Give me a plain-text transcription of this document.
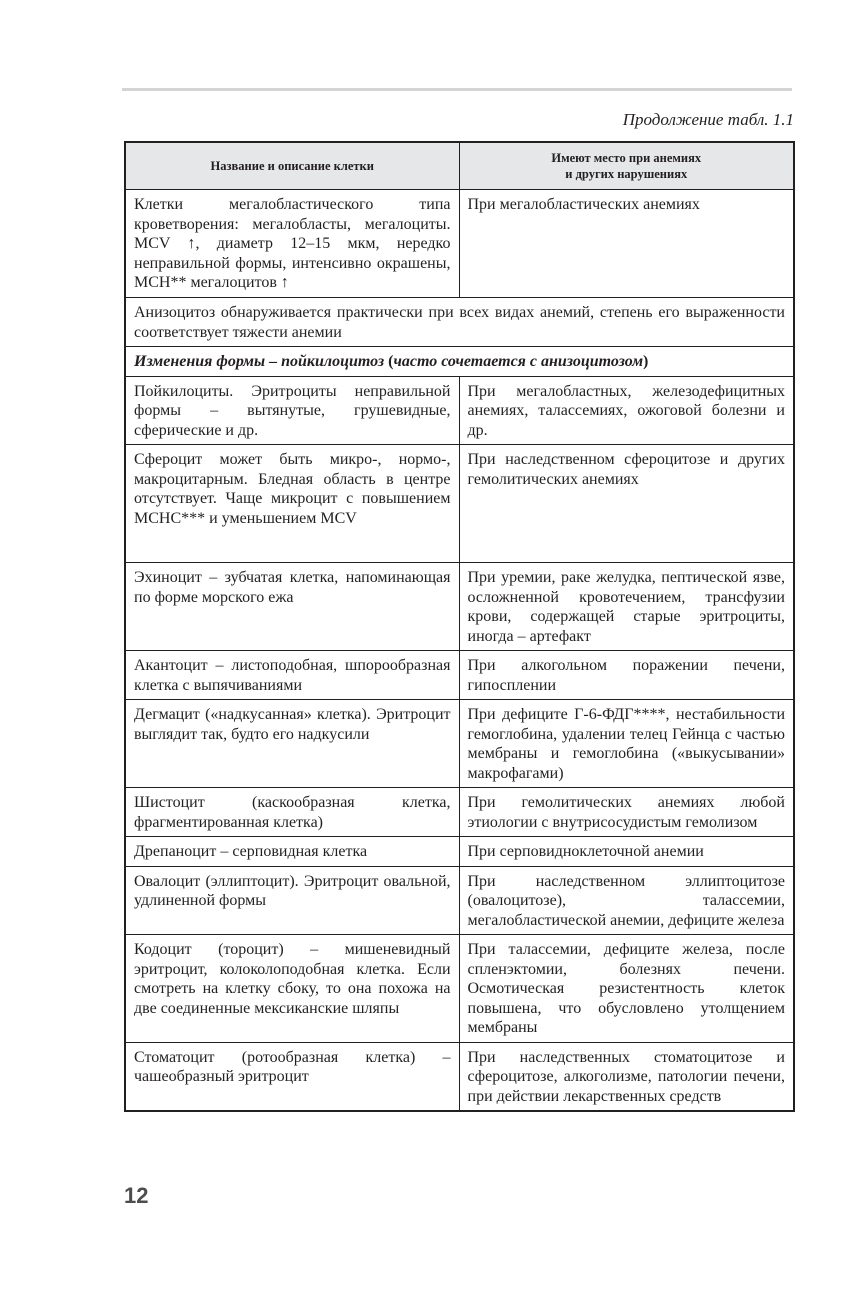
Продолжение табл. 1.1
Название и описание клетки	Имеют место при анемиях
и других нарушениях
Клетки мегалобластического типа кроветворения: мегалобласты, мегалоциты. MCV ↑, диаметр 12–15 мкм, нередко неправильной формы, интенсивно окрашены, MCH** мегалоцитов ↑	При мегалобластических анемиях
Анизоцитоз обнаруживается практически при всех видах анемий, степень его выраженности соответствует тяжести анемии	
Изменения формы – пойкилоцитоз (часто сочетается с анизоцитозом)	
Пойкилоциты. Эритроциты неправильной формы – вытянутые, грушевидные, сферические и др.	При мегалобластных, железодефицитных анемиях, талассемиях, ожоговой болезни и др.
Сфероцит может быть микро-, нормо-, макроцитарным. Бледная область в центре отсутствует. Чаще микроцит с повышением MCHC*** и уменьшением MCV	При наследственном сфероцитозе и других гемолитических анемиях
Эхиноцит – зубчатая клетка, напоминающая по форме морского ежа	При уремии, раке желудка, пептической язве, осложненной кровотечением, трансфузии крови, содержащей старые эритроциты, иногда – артефакт
Акантоцит – листоподобная, шпорообразная клетка с выпячиваниями	При алкогольном поражении печени, гипосплении
Дегмацит («надкусанная» клетка). Эритроцит выглядит так, будто его надкусили	При дефиците Г-6-ФДГ****, нестабильности гемоглобина, удалении телец Гейнца с частью мембраны и гемоглобина («выкусывании» макрофагами)
Шистоцит (каскообразная клетка, фрагментированная клетка)	При гемолитических анемиях любой этиологии с внутрисосудистым гемолизом
Дрепаноцит – серповидная клетка	При серповидноклеточной анемии
Овалоцит (эллиптоцит). Эритроцит овальной, удлиненной формы	При наследственном эллиптоцитозе (овалоцитозе), талассемии, мегалобластической анемии, дефиците железа
Кодоцит (тороцит) – мишеневидный эритроцит, колоколоподобная клетка. Если смотреть на клетку сбоку, то она похожа на две соединенные мексиканские шляпы	При талассемии, дефиците железа, после спленэктомии, болезнях печени. Осмотическая резистентность клеток повышена, что обусловлено утолщением мембраны
Стоматоцит (ротообразная клетка) – чашеобразный эритроцит	При наследственных стоматоцитозе и сфероцитозе, алкоголизме, патологии печени, при действии лекарственных средств
12
